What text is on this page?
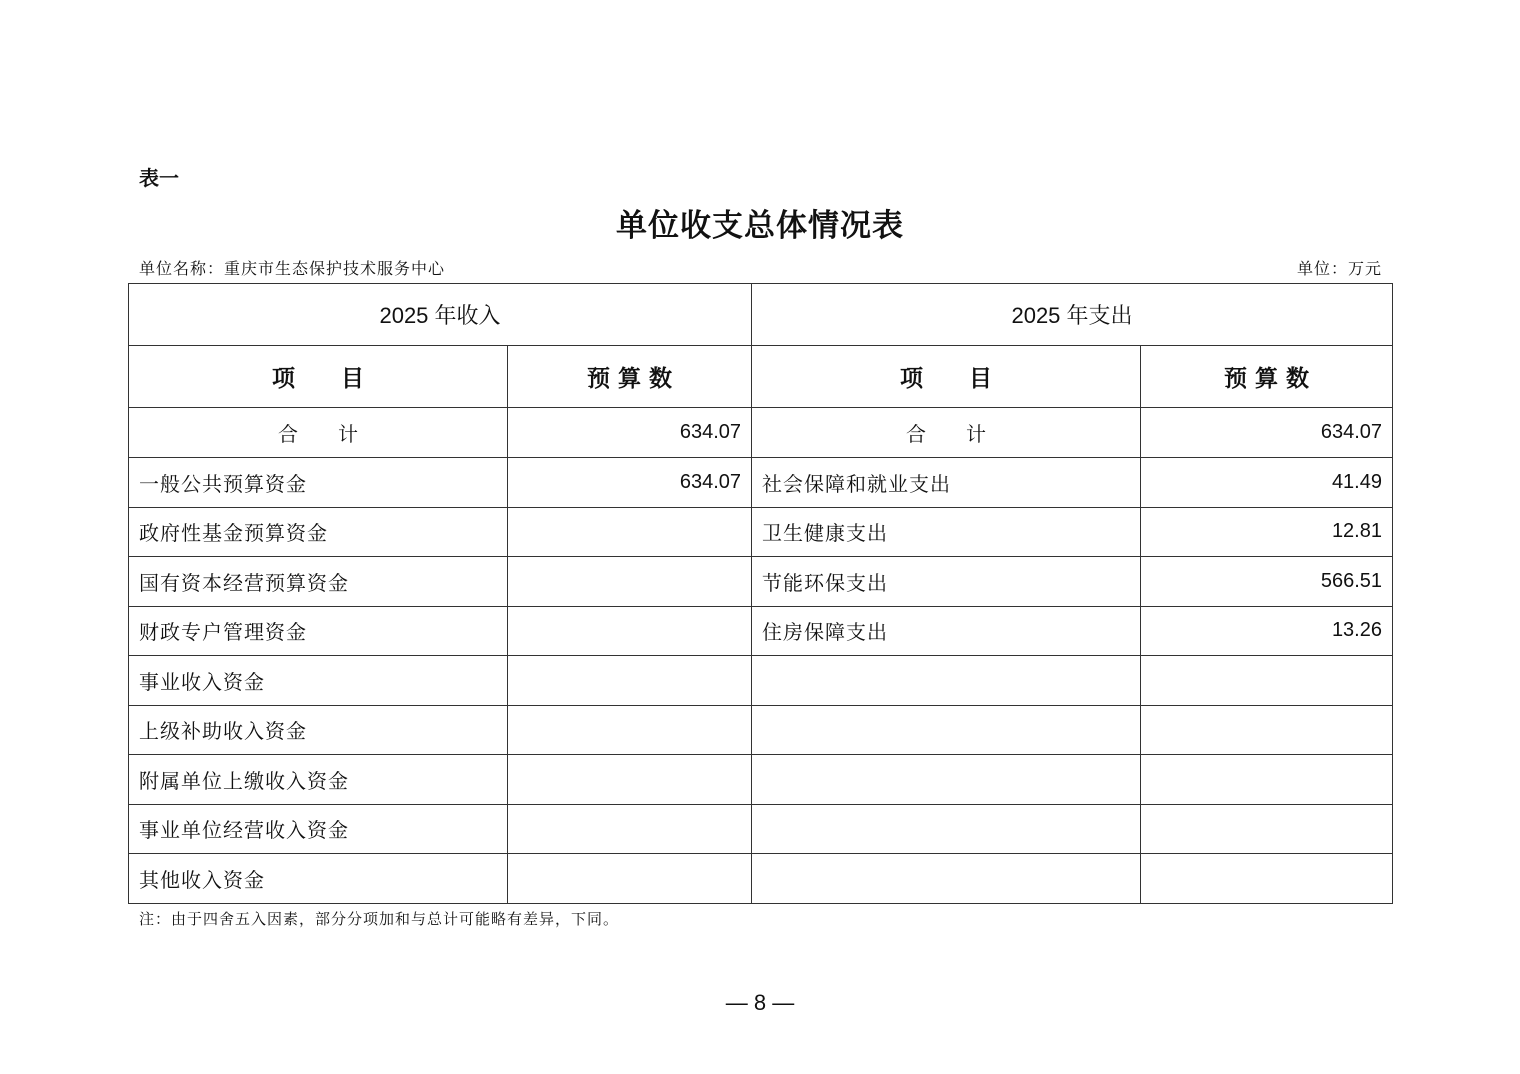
表一
单位收支总体情况表
单位名称：重庆市生态保护技术服务中心	单位：万元
2025 年收入		2025 年支出	
项　　目	预 算 数	项　　目	预 算 数
合　　计	634.07	合　　计	634.07
一般公共预算资金	634.07	社会保障和就业支出	41.49
政府性基金预算资金		卫生健康支出	12.81
国有资本经营预算资金		节能环保支出	566.51
财政专户管理资金		住房保障支出	13.26
事业收入资金			
上级补助收入资金			
附属单位上缴收入资金			
事业单位经营收入资金			
其他收入资金			
注：由于四舍五入因素，部分分项加和与总计可能略有差异，下同。
— 8 —
